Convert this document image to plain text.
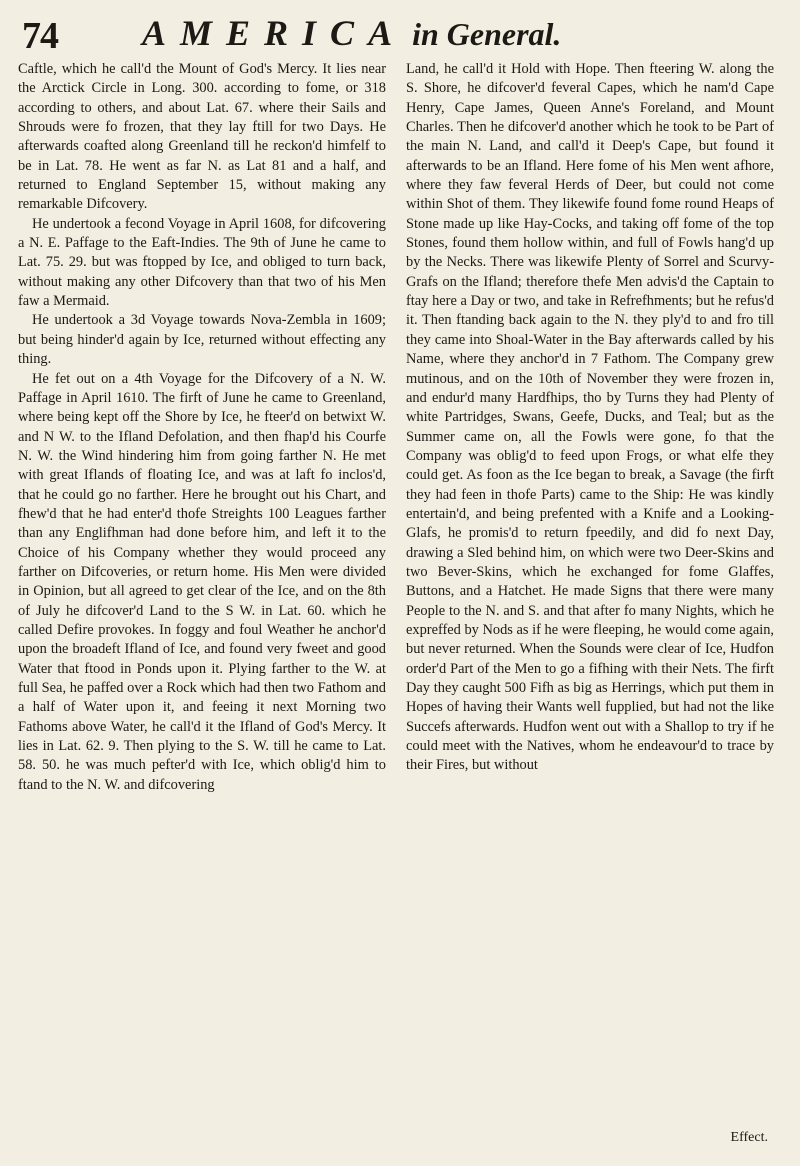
74 AMERICA in General.

Caftle, which he call'd the Mount of God's Mercy. It lies near the Arctick Circle in Long. 300. according to fome, or 318 according to others, and about Lat. 67. where their Sails and Shrouds were fo frozen, that they lay ftill for two Days. He afterwards coafted along Greenland till he reckon'd himfelf to be in Lat. 78. He went as far N. as Lat 81 and a half, and returned to England September 15, without making any remarkable Difcovery.

He undertook a fecond Voyage in April 1608, for difcovering a N. E. Paffage to the Eaft-Indies. The 9th of June he came to Lat. 75. 29. but was ftopped by Ice, and obliged to turn back, without making any other Difcovery than that two of his Men faw a Mermaid.

He undertook a 3d Voyage towards Nova-Zembla in 1609; but being hinder'd again by Ice, returned without effecting any thing.

He fet out on a 4th Voyage for the Difcovery of a N. W. Paffage in April 1610. The firft of June he came to Greenland, where being kept off the Shore by Ice, he fteer'd on betwixt W. and N W. to the Ifland Defolation, and then fhap'd his Courfe N. W. the Wind hindering him from going farther N. He met with great Iflands of floating Ice, and was at laft fo inclos'd, that he could go no farther. Here he brought out his Chart, and fhew'd that he had enter'd thofe Streights 100 Leagues farther than any Englifhman had done before him, and left it to the Choice of his Company whether they would proceed any farther on Difcoveries, or return home. His Men were divided in Opinion, but all agreed to get clear of the Ice, and on the 8th of July he difcover'd Land to the S W. in Lat. 60. which he called Defire provokes. In foggy and foul Weather he anchor'd upon the broadeft Ifland of Ice, and found very fweet and good Water that ftood in Ponds upon it. Plying farther to the W. at full Sea, he paffed over a Rock which had then two Fathom and a half of Water upon it, and feeing it next Morning two Fathoms above Water, he call'd it the Ifland of God's Mercy. It lies in Lat. 62. 9. Then plying to the S. W. till he came to Lat. 58. 50. he was much pefter'd with Ice, which oblig'd him to ftand to the N. W. and difcovering

Land, he call'd it Hold with Hope. Then fteering W. along the S. Shore, he difcover'd feveral Capes, which he nam'd Cape Henry, Cape James, Queen Anne's Foreland, and Mount Charles. Then he difcover'd another which he took to be Part of the main N. Land, and call'd it Deep's Cape, but found it afterwards to be an Ifland. Here fome of his Men went afhore, where they faw feveral Herds of Deer, but could not come within Shot of them. They likewife found fome round Heaps of Stone made up like Hay-Cocks, and taking off fome of the top Stones, found them hollow within, and full of Fowls hang'd up by the Necks. There was likewife Plenty of Sorrel and Scurvy-Grafs on the Ifland; therefore thefe Men advis'd the Captain to ftay here a Day or two, and take in Refrefhments; but he refus'd it. Then ftanding back again to the N. they ply'd to and fro till they came into Shoal-Water in the Bay afterwards called by his Name, where they anchor'd in 7 Fathom. The Company grew mutinous, and on the 10th of November they were frozen in, and endur'd many Hardfhips, tho by Turns they had Plenty of white Partridges, Swans, Geefe, Ducks, and Teal; but as the Summer came on, all the Fowls were gone, fo that the Company was oblig'd to feed upon Frogs, or what elfe they could get. As foon as the Ice began to break, a Savage (the firft they had feen in thofe Parts) came to the Ship: He was kindly entertain'd, and being prefented with a Knife and a Looking-Glafs, he promis'd to return fpeedily, and did fo next Day, drawing a Sled behind him, on which were two Deer-Skins and two Bever-Skins, which he exchanged for fome Glaffes, Buttons, and a Hatchet. He made Signs that there were many People to the N. and S. and that after fo many Nights, which he expreffed by Nods as if he were fleeping, he would come again, but never returned. When the Sounds were clear of Ice, Hudfon order'd Part of the Men to go a fifhing with their Nets. The firft Day they caught 500 Fifh as big as Herrings, which put them in Hopes of having their Wants well fupplied, but had not the like Succefs afterwards. Hudfon went out with a Shallop to try if he could meet with the Natives, whom he endeavour'd to trace by their Fires, but without

Effect.
